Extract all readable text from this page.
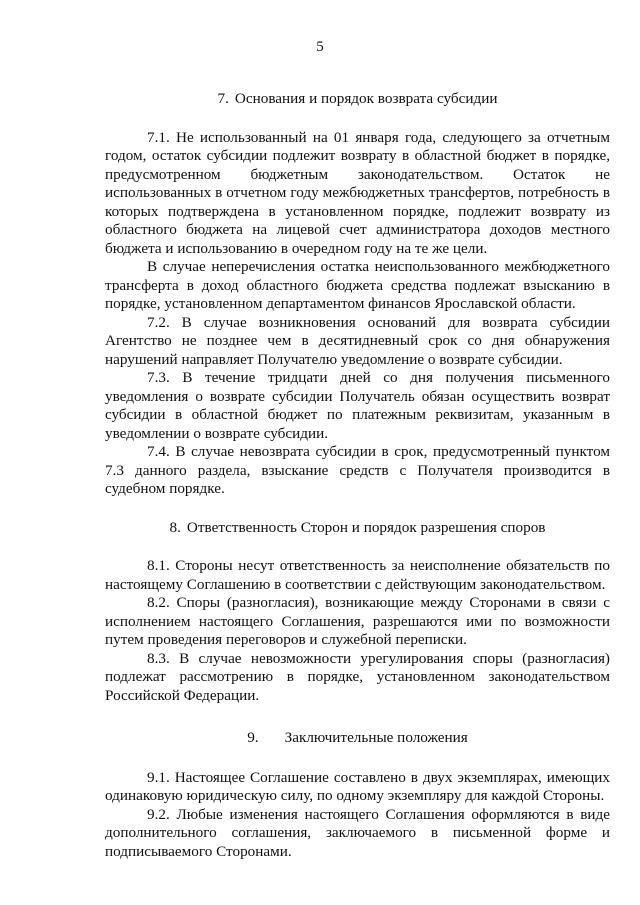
5
7. Основания и порядок возврата субсидии

7.1. Не использованный на 01 января года, следующего за отчетным годом, остаток субсидии подлежит возврату в областной бюджет в порядке, предусмотренном бюджетным законодательством. Остаток не использованных в отчетном году межбюджетных трансфертов, потребность в которых подтверждена в установленном порядке, подлежит возврату из областного бюджета на лицевой счет администратора доходов местного бюджета и использованию в очередном году на те же цели.

В случае неперечисления остатка неиспользованного межбюджетного трансферта в доход областного бюджета средства подлежат взысканию в порядке, установленном департаментом финансов Ярославской области.

7.2. В случае возникновения оснований для возврата субсидии Агентство не позднее чем в десятидневный срок со дня обнаружения нарушений направляет Получателю уведомление о возврате субсидии.

7.3. В течение тридцати дней со дня получения письменного уведомления о возврате субсидии Получатель обязан осуществить возврат субсидии в областной бюджет по платежным реквизитам, указанным в уведомлении о возврате субсидии.

7.4. В случае невозврата субсидии в срок, предусмотренный пунктом 7.3 данного раздела, взыскание средств с Получателя производится в судебном порядке.

8. Ответственность Сторон и порядок разрешения споров

8.1. Стороны несут ответственность за неисполнение обязательств по настоящему Соглашению в соответствии с действующим законодательством.

8.2. Споры (разногласия), возникающие между Сторонами в связи с исполнением настоящего Соглашения, разрешаются ими по возможности путем проведения переговоров и служебной переписки.

8.3. В случае невозможности урегулирования споры (разногласия) подлежат рассмотрению в порядке, установленном законодательством Российской Федерации.

9. Заключительные положения

9.1. Настоящее Соглашение составлено в двух экземплярах, имеющих одинаковую юридическую силу, по одному экземпляру для каждой Стороны.

9.2. Любые изменения настоящего Соглашения оформляются в виде дополнительного соглашения, заключаемого в письменной форме и подписываемого Сторонами.
